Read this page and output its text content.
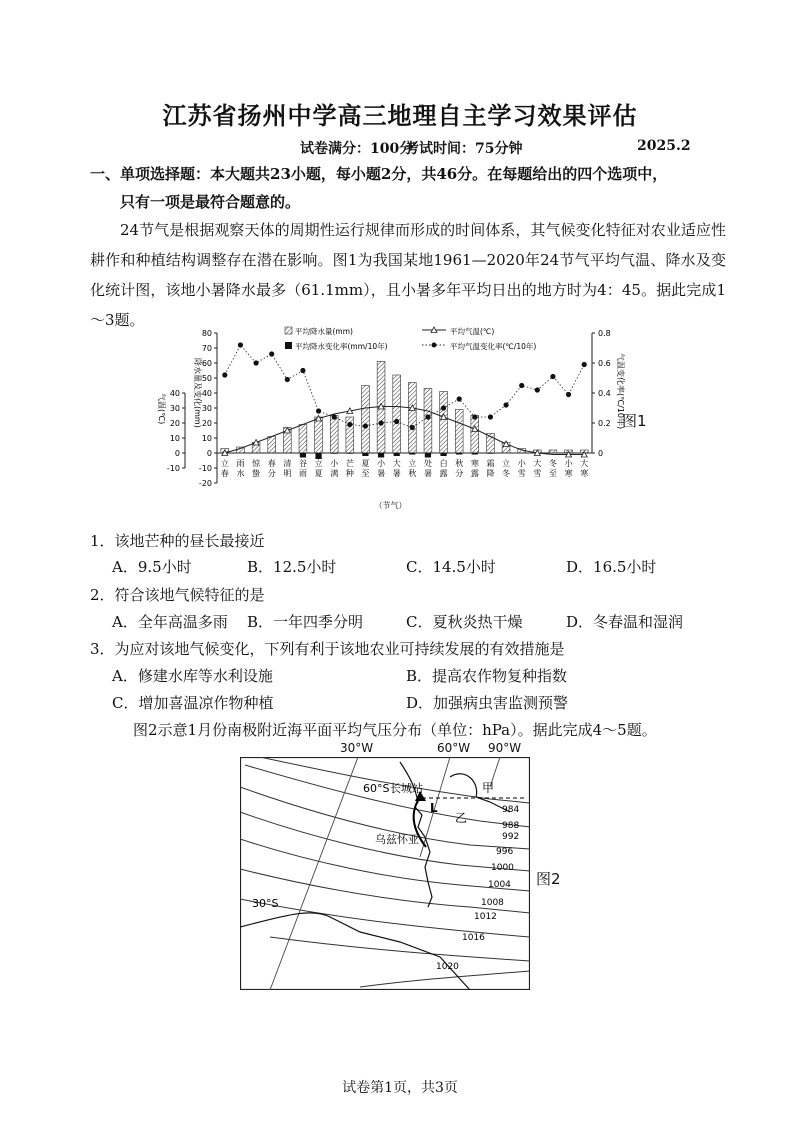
江苏省扬州中学高三地理自主学习效果评估
试卷满分：100分
考试时间：75分钟	2025.2
一、单项选择题：本大题共23小题，每小题2分，共46分。在每题给出的四个选项中，
只有一项是最符合题意的。
24节气是根据观察天体的周期性运行规律而形成的时间体系，其气候变化特征对农业适应性耕作和种植结构调整存在潜在影响。图1为我国某地1961—2020年24节气平均气温、降水及变化统计图，该地小暑降水最多（61.1mm），且小暑多年平均日出的地方时为4：45。据此完成1～3题。
-20
-10
0
10
20
30
40
50
60
70
80
-10
0
10
20
30
40
0
0.2
0.4
0.6
0.8
气温(℃)	降水量及变化(mm)	气温变化率(℃/10年)
立
春
雨
水
惊
蛰
春
分
清
明
谷
雨
立
夏
小
满
芒
种
夏
至
小
暑
大
暑
立
秋
处
暑
白
露
秋
分
寒
露
霜
降
立
冬
小
雪
大
雪
冬
至
小
寒
大
寒
（节气）
平均降水量(mm)	平均气温(℃)
平均降水变化率(mm/10年)	平均气温变化率(℃/10年)
图1
1．该地芒种的昼长最接近
A．9.5小时	B．12.5小时	C．14.5小时	D．16.5小时
2．符合该地气候特征的是
A．全年高温多雨 B．一年四季分明	C．夏秋炎热干燥	D．冬春温和湿润
3．为应对该地气候变化，下列有利于该地农业可持续发展的有效措施是
A．修建水库等水利设施	B．提高农作物复种指数
C．增加喜温凉作物种植	D．加强病虫害监测预警
图2示意1月份南极附近海平面平均气压分布（单位：hPa）。据此完成4～5题。
30°W	60°W 90°W
60°S 长城站
乌兹怀亚
甲
乙
L
30°S
984
988
992
996
1000
1004
1008
1012
1016
1020
图2
试卷第1页，共3页
